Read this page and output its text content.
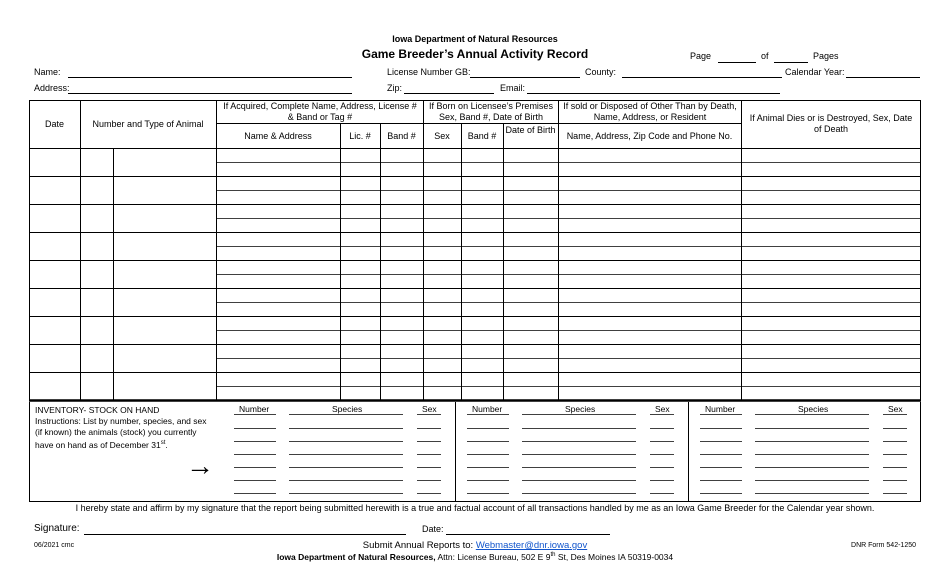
Iowa Department of Natural Resources
Game Breeder’s Annual Activity Record	Page	of	Pages
Name:	License Number GB:	County:	Calendar Year:
Address:	Zip:	Email:
Date	Number and Type of Animal
If Acquired, Complete Name, Address, License # & Band or Tag #
Name & Address	Lic. #	Band #
If Born on Licensee’s Premises Sex, Band #, Date of Birth
Sex	Band #
Date of Birth
If sold or Disposed of Other Than by Death, Name, Address, or Resident
Name, Address, Zip Code and Phone No.
If Animal Dies or is Destroyed, Sex, Date of Death
INVENTORY- STOCK ON HAND
Instructions: List by number, species, and sex (if known) the animals (stock) you currently have on hand as of December 31st.
→
Number	Species	Sex	Number	Species	Sex	Number	Species	Sex
I hereby state and affirm by my signature that the report being submitted herewith is a true and factual account of all transactions handled by me as an Iowa Game Breeder for the Calendar year shown.
Signature:	Date:
06/2021 cmc	Submit Annual Reports to: Webmaster@dnr.iowa.gov	DNR Form 542-1250
Iowa Department of Natural Resources, Attn: License Bureau, 502 E 9th St, Des Moines IA 50319-0034
